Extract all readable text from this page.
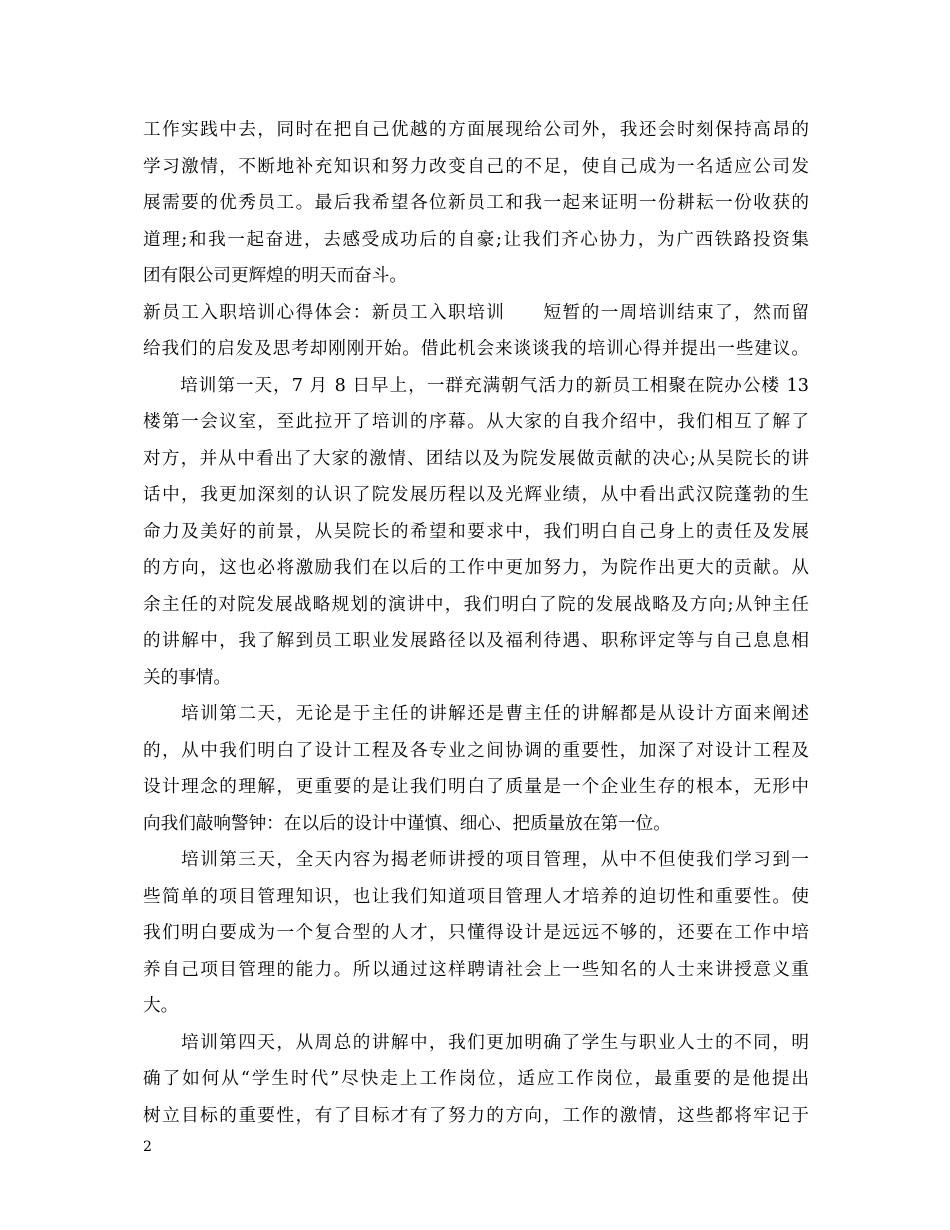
工作实践中去，同时在把自己优越的方面展现给公司外，我还会时刻保持高昂的
学习激情，不断地补充知识和努力改变自己的不足，使自己成为一名适应公司发
展需要的优秀员工。最后我希望各位新员工和我一起来证明一份耕耘一份收获的
道理;和我一起奋进，去感受成功后的自豪;让我们齐心协力，为广西铁路投资集
团有限公司更辉煌的明天而奋斗。
新员工入职培训心得体会：新员工入职培训　　短暂的一周培训结束了，然而留
给我们的启发及思考却刚刚开始。借此机会来谈谈我的培训心得并提出一些建议。
　　培训第一天，7 月 8 日早上，一群充满朝气活力的新员工相聚在院办公楼 13
楼第一会议室，至此拉开了培训的序幕。从大家的自我介绍中，我们相互了解了
对方，并从中看出了大家的激情、团结以及为院发展做贡献的决心;从吴院长的讲
话中，我更加深刻的认识了院发展历程以及光辉业绩，从中看出武汉院蓬勃的生
命力及美好的前景，从吴院长的希望和要求中，我们明白自己身上的责任及发展
的方向，这也必将激励我们在以后的工作中更加努力，为院作出更大的贡献。从
余主任的对院发展战略规划的演讲中，我们明白了院的发展战略及方向;从钟主任
的讲解中，我了解到员工职业发展路径以及福利待遇、职称评定等与自己息息相
关的事情。
　　培训第二天，无论是于主任的讲解还是曹主任的讲解都是从设计方面来阐述
的，从中我们明白了设计工程及各专业之间协调的重要性，加深了对设计工程及
设计理念的理解，更重要的是让我们明白了质量是一个企业生存的根本，无形中
向我们敲响警钟：在以后的设计中谨慎、细心、把质量放在第一位。
　　培训第三天，全天内容为揭老师讲授的项目管理，从中不但使我们学习到一
些简单的项目管理知识，也让我们知道项目管理人才培养的迫切性和重要性。使
我们明白要成为一个复合型的人才，只懂得设计是远远不够的，还要在工作中培
养自己项目管理的能力。所以通过这样聘请社会上一些知名的人士来讲授意义重
大。
　　培训第四天，从周总的讲解中，我们更加明确了学生与职业人士的不同，明
确了如何从“学生时代”尽快走上工作岗位，适应工作岗位，最重要的是他提出
树立目标的重要性，有了目标才有了努力的方向，工作的激情，这些都将牢记于
2
